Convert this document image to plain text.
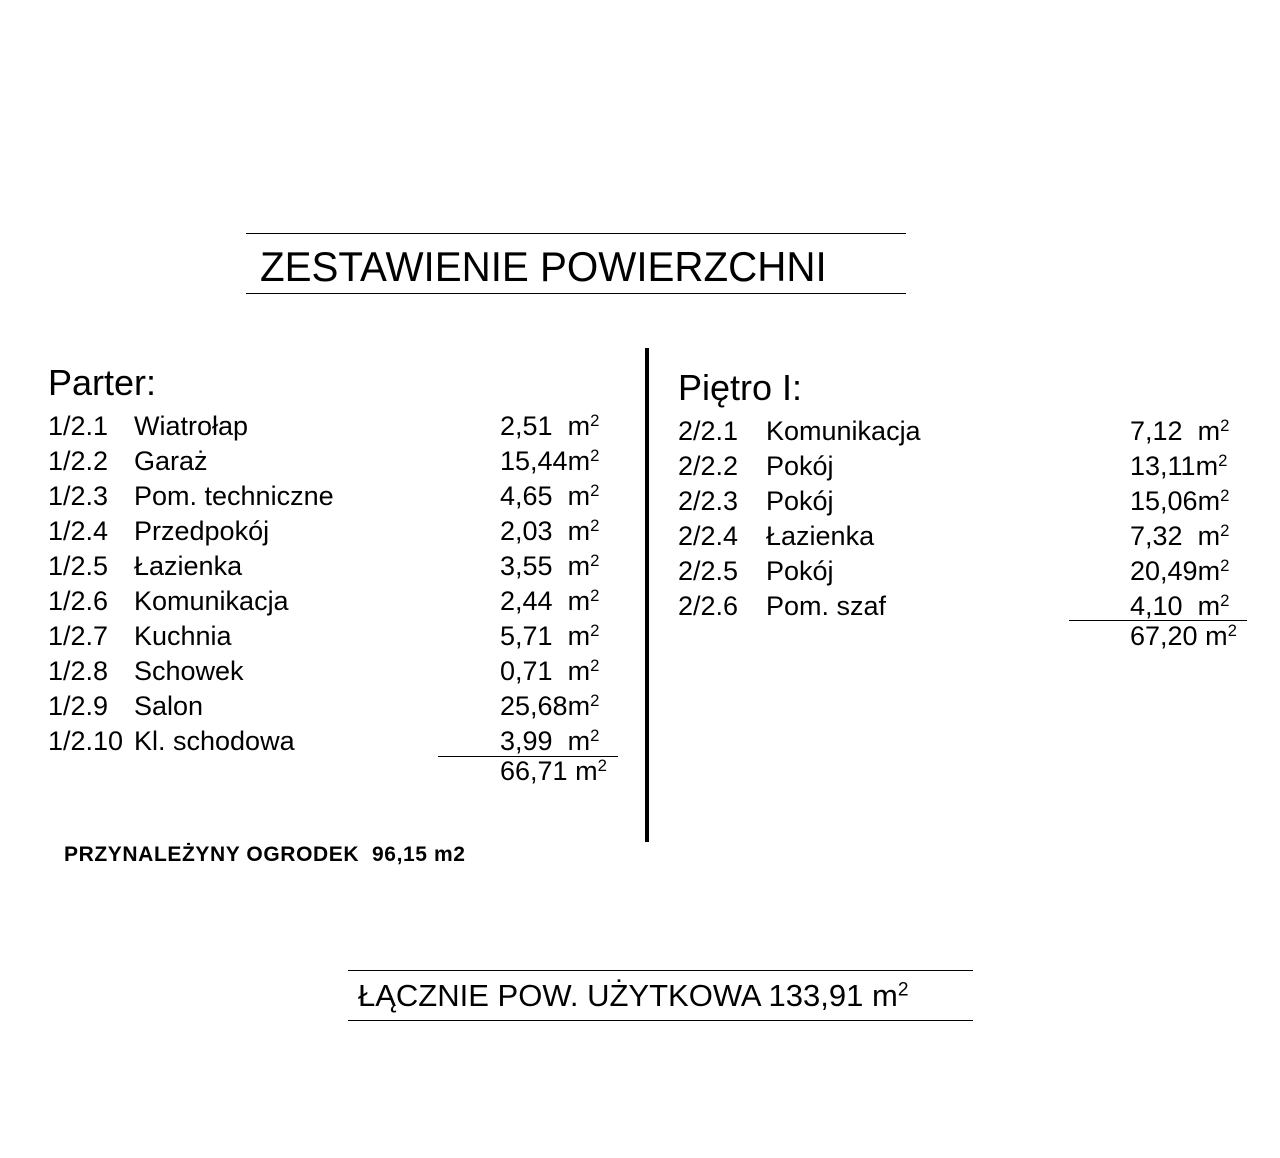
ZESTAWIENIE POWIERZCHNI
Parter:
1/2.1 Wiatrołap	2,51 $m^2$
1/2.2 Garaż	$15,44m^2$
1/2.3 Pom. techniczne	4,65 $m^2$
1/2.4 Przedpokój	2,03 $m^2$
1/2.5 Łazienka	3,55 $m^2$
1/2.6 Komunikacja	2,44 $m^2$
1/2.7 Kuchnia	5,71 $m^2$
1/2.8 Schowek	0,71 $m^2$
1/2.9 Salon	$25,68m^2$
1/2.10 Kl. schodowa	3,99 $m^2$
66,71 $m^2$
Piętro I:
2/2.1 Komunikacja	7,12 $m^2$
2/2.2 Pokój	$13,11m^2$
2/2.3 Pokój	$15,06m^2$
2/2.4 Łazienka	7,32 $m^2$
2/2.5 Pokój	$20,49m^2$
2/2.6 Pom. szaf	4,10 $m^2$
67,20 $m^2$
PRZYNALEŻYNY OGRODEK 96,15 m2
ŁĄCZNIE POW. UŻYTKOWA 133,91 $m^2$
